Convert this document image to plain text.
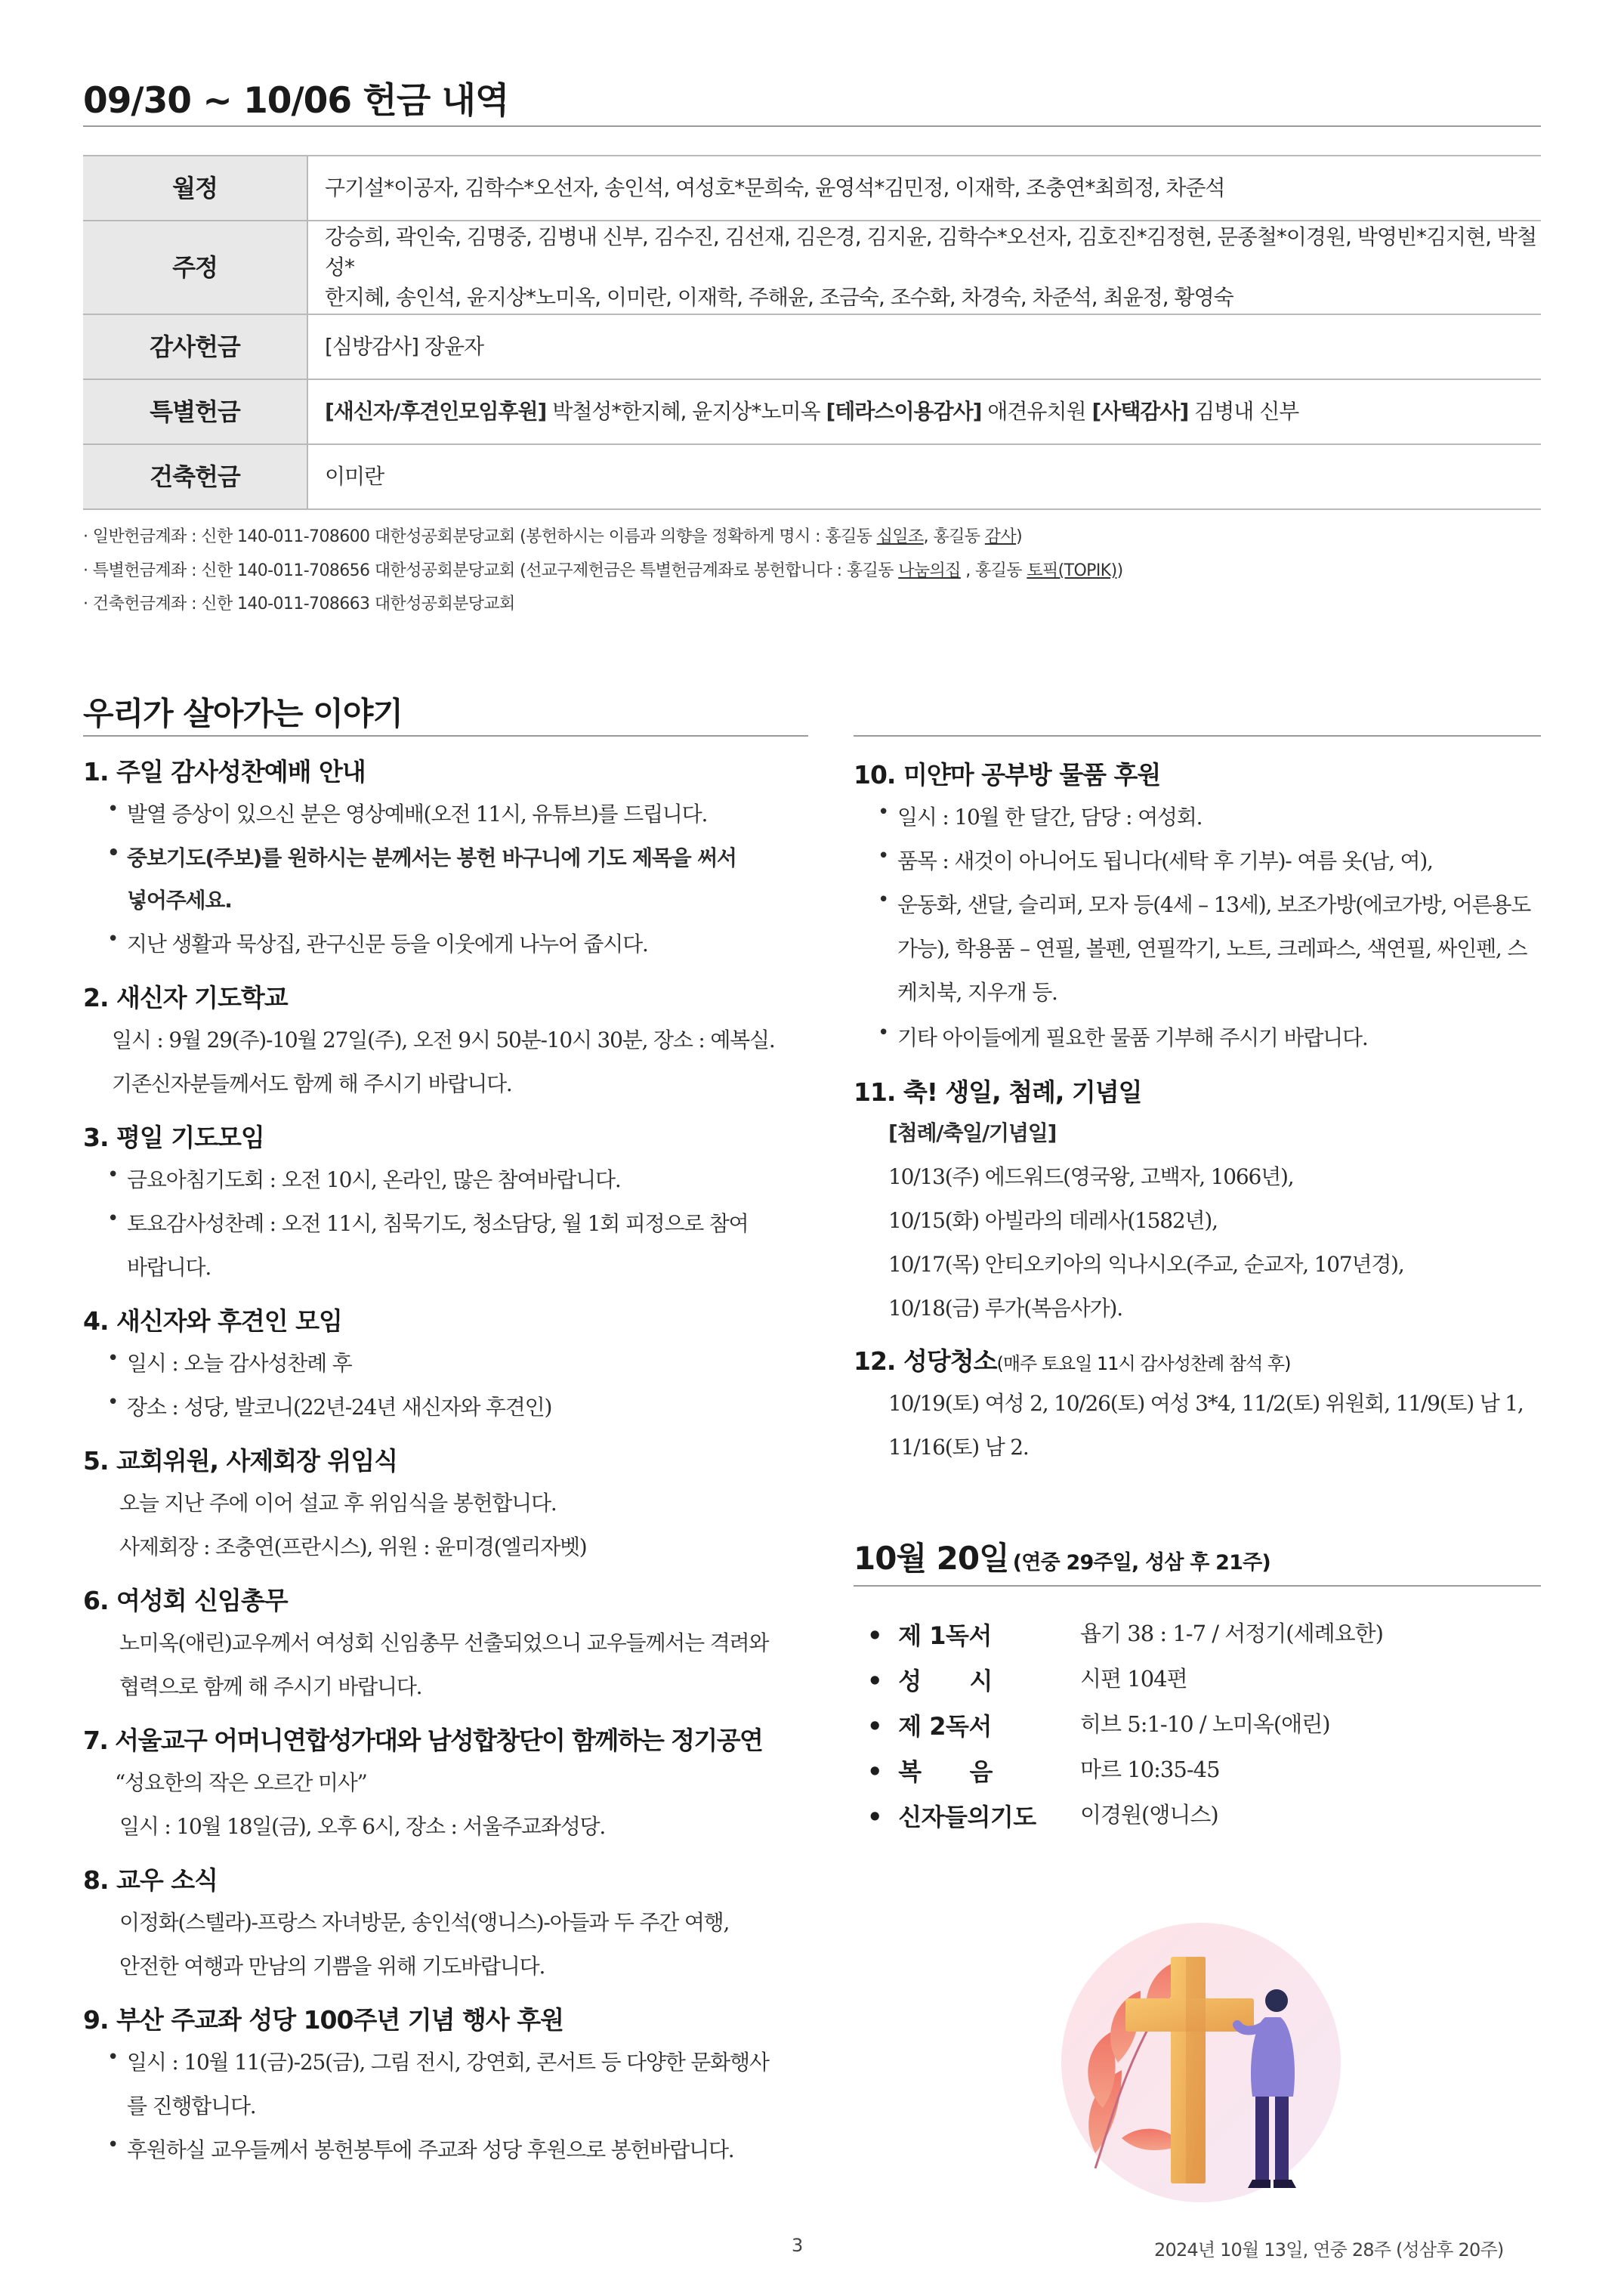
09/30 ~ 10/06 헌금 내역
월정	구기설*이공자, 김학수*오선자, 송인석, 여성호*문희숙, 윤영석*김민정, 이재학, 조충연*최희정, 차준석
주정	강승희, 곽인숙, 김명중, 김병내 신부, 김수진, 김선재, 김은경, 김지윤, 김학수*오선자, 김호진*김정현, 문종철*이경원, 박영빈*김지현, 박철성*
한지혜, 송인석, 윤지상*노미옥, 이미란, 이재학, 주해윤, 조금숙, 조수화, 차경숙, 차준석, 최윤정, 황영숙

감사헌금	[심방감사] 장윤자
특별헌금	[새신자/후견인모임후원] 박철성*한지혜, 윤지상*노미옥 [테라스이용감사] 애견유치원 [사택감사] 김병내 신부
건축헌금	이미란
· 일반헌금계좌 : 신한 140-011-708600 대한성공회분당교회 (봉헌하시는 이름과 의향을 정확하게 명시 : 홍길동 십일조, 홍길동 감사)
· 특별헌금계좌 : 신한 140-011-708656 대한성공회분당교회 (선교구제헌금은 특별헌금계좌로 봉헌합니다 : 홍길동 나눔의집 , 홍길동 토픽(TOPIK))
· 건축헌금계좌 : 신한 140-011-708663 대한성공회분당교회
우리가 살아가는 이야기
1. 주일 감사성찬예배 안내
• 발열 증상이 있으신 분은 영상예배(오전 11시, 유튜브)를 드립니다.
• 중보기도(주보)를 원하시는 분께서는 봉헌 바구니에 기도 제목을 써서
넣어주세요.
• 지난 생활과 묵상집, 관구신문 등을 이웃에게 나누어 줍시다.
2. 새신자 기도학교
일시 : 9월 29(주)-10월 27일(주), 오전 9시 50분-10시 30분, 장소 : 예복실.
기존신자분들께서도 함께 해 주시기 바랍니다.
3. 평일 기도모임
• 금요아침기도회 : 오전 10시, 온라인, 많은 참여바랍니다.
• 토요감사성찬례 : 오전 11시, 침묵기도, 청소담당, 월 1회 피정으로 참여
바랍니다.
4. 새신자와 후견인 모임
• 일시 : 오늘 감사성찬례 후
• 장소 : 성당, 발코니(22년-24년 새신자와 후견인)
5. 교회위원, 사제회장 위임식
오늘 지난 주에 이어 설교 후 위임식을 봉헌합니다.
사제회장 : 조충연(프란시스), 위원 : 윤미경(엘리자벳)
6. 여성회 신임총무
노미옥(애린)교우께서 여성회 신임총무 선출되었으니 교우들께서는 격려와
협력으로 함께 해 주시기 바랍니다.
7. 서울교구 어머니연합성가대와 남성합창단이 함께하는 정기공연
“성요한의 작은 오르간 미사”
일시 : 10월 18일(금), 오후 6시, 장소 : 서울주교좌성당.
8. 교우 소식
이정화(스텔라)-프랑스 자녀방문, 송인석(앵니스)-아들과 두 주간 여행,
안전한 여행과 만남의 기쁨을 위해 기도바랍니다.
9. 부산 주교좌 성당 100주년 기념 행사 후원
• 일시 : 10월 11(금)-25(금), 그림 전시, 강연회, 콘서트 등 다양한 문화행사
를 진행합니다.
• 후원하실 교우들께서 봉헌봉투에 주교좌 성당 후원으로 봉헌바랍니다.
10. 미얀마 공부방 물품 후원
• 일시 : 10월 한 달간, 담당 : 여성회.
• 품목 : 새것이 아니어도 됩니다(세탁 후 기부)- 여름 옷(남, 여),
• 운동화, 샌달, 슬리퍼, 모자 등(4세 – 13세), 보조가방(에코가방, 어른용도
가능), 학용품 – 연필, 볼펜, 연필깍기, 노트, 크레파스, 색연필, 싸인펜, 스
케치북, 지우개 등.
• 기타 아이들에게 필요한 물품 기부해 주시기 바랍니다.
11. 축! 생일, 첨례, 기념일
[첨례/축일/기념일]
10/13(주) 에드워드(영국왕, 고백자, 1066년),
10/15(화) 아빌라의 데레사(1582년),
10/17(목) 안티오키아의 익나시오(주교, 순교자, 107년경),
10/18(금) 루가(복음사가).
12. 성당청소(매주 토요일 11시 감사성찬례 참석 후)
10/19(토) 여성 2, 10/26(토) 여성 3*4, 11/2(토) 위원회, 11/9(토) 남 1,
11/16(토) 남 2.
10월 20일 (연중 29주일, 성삼 후 21주)
•  제 1독서	욥기 38 : 1-7 / 서정기(세례요한)
•  성      시	시편 104편
•  제 2독서	히브 5:1-10 / 노미옥(애린)
•  복      음	마르 10:35-45
•  신자들의기도 이경원(앵니스)
3	2024년 10월 13일, 연중 28주 (성삼후 20주)
